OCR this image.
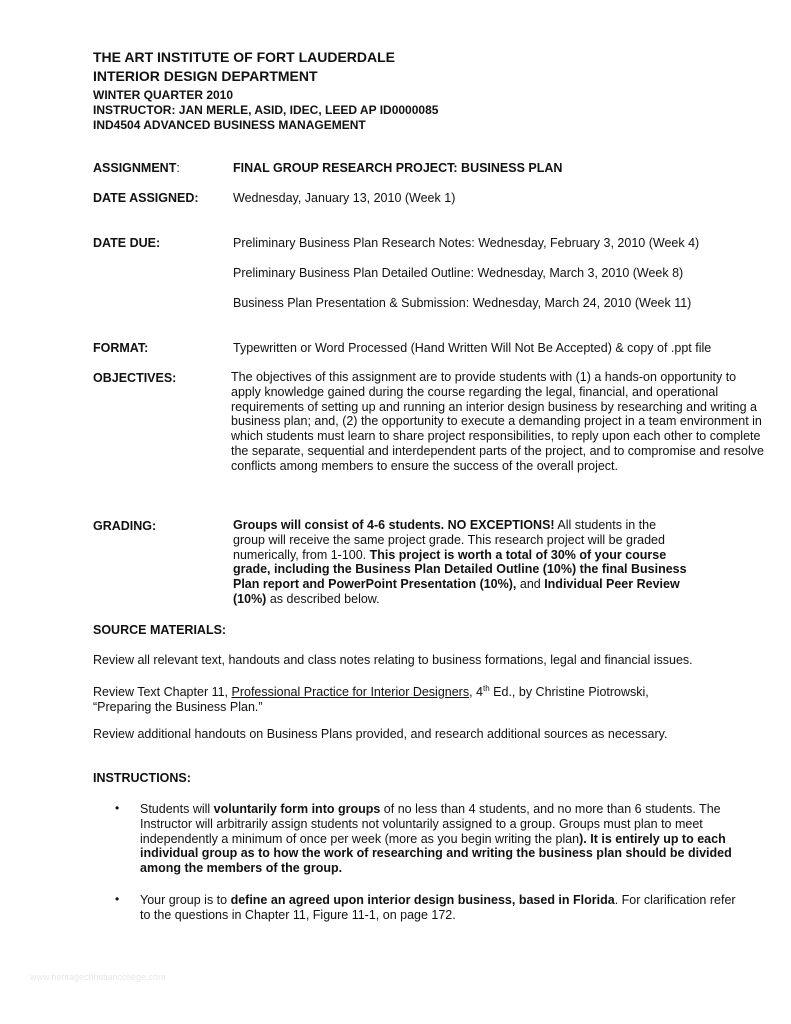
THE ART INSTITUTE OF FORT LAUDERDALE
INTERIOR DESIGN DEPARTMENT
WINTER QUARTER 2010
INSTRUCTOR: JAN MERLE, ASID, IDEC, LEED AP ID0000085
IND4504 ADVANCED BUSINESS MANAGEMENT
ASSIGNMENT:	FINAL GROUP RESEARCH PROJECT: BUSINESS PLAN
DATE ASSIGNED:	Wednesday, January 13, 2010 (Week 1)
DATE DUE:	Preliminary Business Plan Research Notes: Wednesday, February 3, 2010 (Week 4)
Preliminary Business Plan Detailed Outline: Wednesday, March 3, 2010 (Week 8)
Business Plan Presentation & Submission: Wednesday, March 24, 2010 (Week 11)
FORMAT:	Typewritten or Word Processed (Hand Written Will Not Be Accepted) & copy of .ppt file
OBJECTIVES:	The objectives of this assignment are to provide students with (1) a hands-on opportunity to apply knowledge gained during the course regarding the legal, financial, and operational requirements of setting up and running an interior design business by researching and writing a business plan; and, (2) the opportunity to execute a demanding project in a team environment in which students must learn to share project responsibilities, to reply upon each other to complete the separate, sequential and interdependent parts of the project, and to compromise and resolve conflicts among members to ensure the success of the overall project.
GRADING:	Groups will consist of 4-6 students. NO EXCEPTIONS! All students in the group will receive the same project grade. This research project will be graded numerically, from 1-100. This project is worth a total of 30% of your course grade, including the Business Plan Detailed Outline (10%) the final Business Plan report and PowerPoint Presentation (10%), and Individual Peer Review (10%) as described below.
SOURCE MATERIALS:
Review all relevant text, handouts and class notes relating to business formations, legal and financial issues.
Review Text Chapter 11, Professional Practice for Interior Designers, 4th Ed., by Christine Piotrowski, “Preparing the Business Plan.”
Review additional handouts on Business Plans provided, and research additional sources as necessary.
INSTRUCTIONS:
• Students will voluntarily form into groups of no less than 4 students, and no more than 6 students. The Instructor will arbitrarily assign students not voluntarily assigned to a group. Groups must plan to meet independently a minimum of once per week (more as you begin writing the plan). It is entirely up to each individual group as to how the work of researching and writing the business plan should be divided among the members of the group.
• Your group is to define an agreed upon interior design business, based in Florida. For clarification refer to the questions in Chapter 11, Figure 11-1, on page 172.
www.heritagechristiancollege.com
